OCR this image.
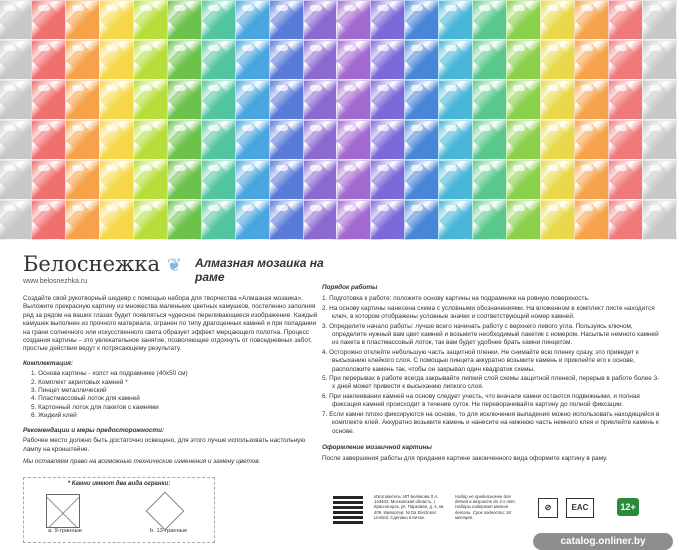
Белоснежка ❦
www.belosnezhka.ru
Алмазная мозаика на раме

Создайте свой рукотворный шедевр с помощью набора для творчества «Алмазная мозаика». Выложите прекрасную картину из множества маленьких цветных камушков, постепенно заполняя ряд за рядом на ваших глазах будет появляться чудесное переливающееся изображение. Каждый камушек выполнен из прочного материала, огранен по типу драгоценных камней и при попадании на грани солнечного или искусственного света образует эффект мерцающего полотна. Процесс создания картины – это увлекательное занятие, позволяющее отдохнуть от повседневных забот, простые действия ведут к потрясающему результату.

Комплектация:
1. Основа картины - холст на подрамнике (40х50 см)
2. Комплект акриловых камней *
3. Пинцет металлический
4. Пластмассовый лоток для камней
5. Картонный лоток для пакетов с камнями
6. Жидкий клей
Рекомендации и меры предосторожности:

Рабочее место должно быть достаточно освещено, для этого лучше использовать настольную лампу на кронштейне.

Мы оставляем право на возможные технические изменения и замену цветов.

Порядок работы
1. Подготовка к работе: положите основу картины на подрамнике на ровную поверхность.
2. На основу картины нанесена схема с условными обозначениями. На вложенном в комплект листе находится ключ, в котором отображены условные значки и соответствующий номер камней.
3. Определите начало работы: лучше всего начинать работу с верхнего левого угла. Пользуясь ключом, определите нужный вам цвет камней и возьмите необходимый пакетик с номером. Насыпьте немного камней из пакета в пластмассовый лоток, так вам будет удобнее брать камни пинцетом.
4. Осторожно отклейте небольшую часть защитной пленки. Не снимайте всю пленку сразу, это приведет к высыханию клейкого слоя. С помощью пинцета аккуратно возьмите камень и приклейте его к основе, расположите камень так, чтобы он закрывал один квадратик схемы.
5. При перерывах в работе всегда закрывайте липкий слой схемы защитной пленкой, перерыв в работе более 3-х дней может привести к высыханию липкого слоя.
6. При наклеивании камней на основу следует учесть, что вначале камни остаются подвижными, и полная фиксация камней происходит в течение суток. Не переворачивайте картину до полной фиксации.
7. Если камни плохо фиксируются на основе, то для исключения выпадения можно использовать находящийся в комплекте клей. Аккуратно возьмите камень и нанесите на нижнюю часть немного клея и приклейте камень к основе.
Оформление мозаичной картины
После завершения работы для придания картине законченного вида оформите картину в раму.
* Камни имеют два вида огранки:
a. 9-гранные	b. 13-гранные
Изготовитель: ИП Белякова Л.А. 143402, Московская область, г. Красногорск, ул. Парковая, д. 4, кв. 409. Импортер: Ni Da Electronic Limited. Сделано в Китае.
Набор не предназначен для детей в возрасте до 3-х лет. Наборы содержат мелкие детали. Срок годности: 18 месяцев.
⊘	EAC	12+
catalog.onliner.by
